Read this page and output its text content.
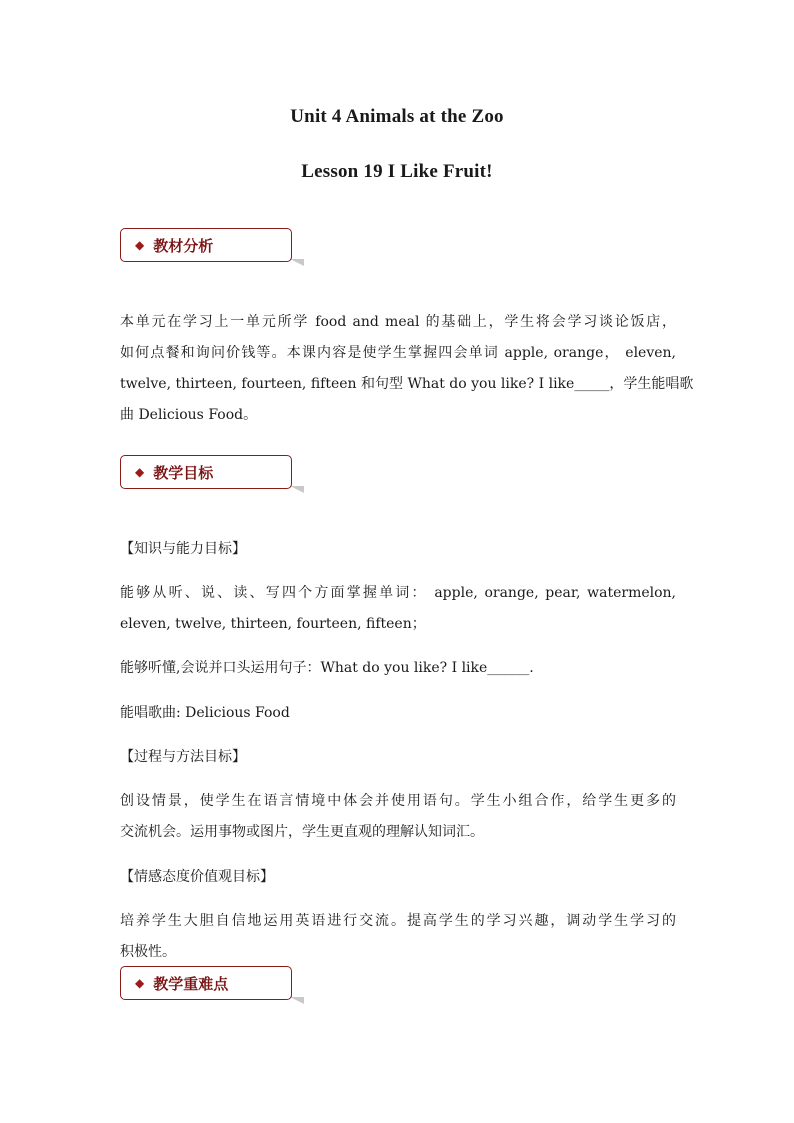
Unit 4 Animals at the Zoo
Lesson 19 I Like Fruit!
◆ 教材分析
本单元在学习上一单元所学 food and meal 的基础上，学生将会学习谈论饭店，
如何点餐和询问价钱等。本课内容是使学生掌握四会单词 apple, orange， eleven,
twelve, thirteen, fourteen, fifteen 和句型 What do you like? I like_____，学生能唱歌
曲 Delicious Food。
◆ 教学目标
【知识与能力目标】
能够从听、说、读、写四个方面掌握单词： apple, orange, pear, watermelon,
eleven, twelve, thirteen, fourteen, fifteen；
能够听懂,会说并口头运用句子：What do you like? I like______.
能唱歌曲: Delicious Food
【过程与方法目标】
创设情景，使学生在语言情境中体会并使用语句。学生小组合作，给学生更多的
交流机会。运用事物或图片，学生更直观的理解认知词汇。
【情感态度价值观目标】
培养学生大胆自信地运用英语进行交流。提高学生的学习兴趣，调动学生学习的
积极性。
◆ 教学重难点
